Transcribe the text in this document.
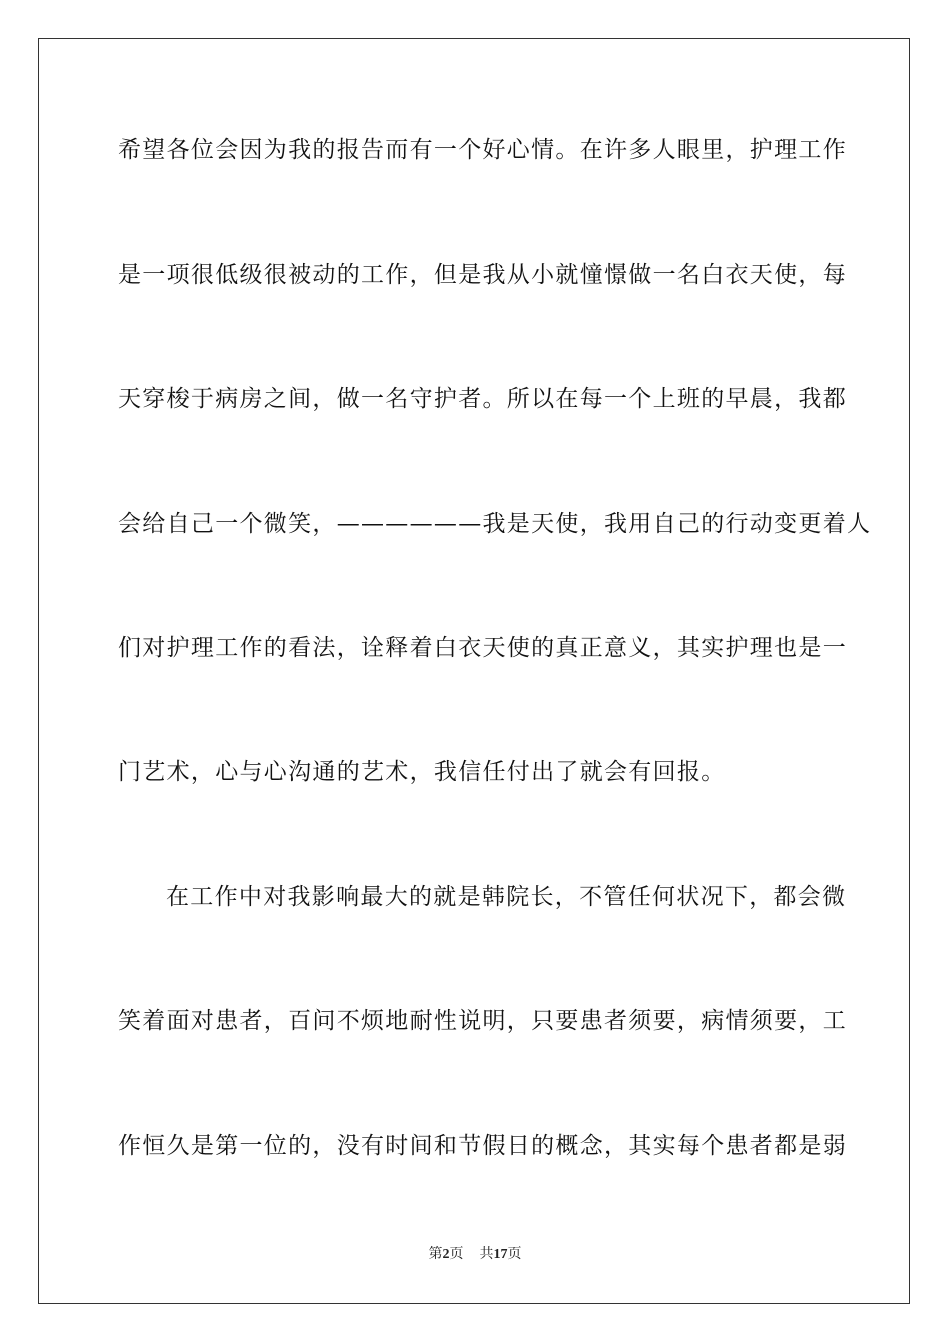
希望各位会因为我的报告而有一个好心情。在许多人眼里，护理工作
是一项很低级很被动的工作，但是我从小就憧憬做一名白衣天使，每
天穿梭于病房之间，做一名守护者。所以在每一个上班的早晨，我都
会给自己一个微笑，——————我是天使，我用自己的行动变更着人
们对护理工作的看法，诠释着白衣天使的真正意义，其实护理也是一
门艺术，心与心沟通的艺术，我信任付出了就会有回报。
在工作中对我影响最大的就是韩院长，不管任何状况下，都会微
笑着面对患者，百问不烦地耐性说明，只要患者须要，病情须要，工
作恒久是第一位的，没有时间和节假日的概念，其实每个患者都是弱
第2页 共17页
